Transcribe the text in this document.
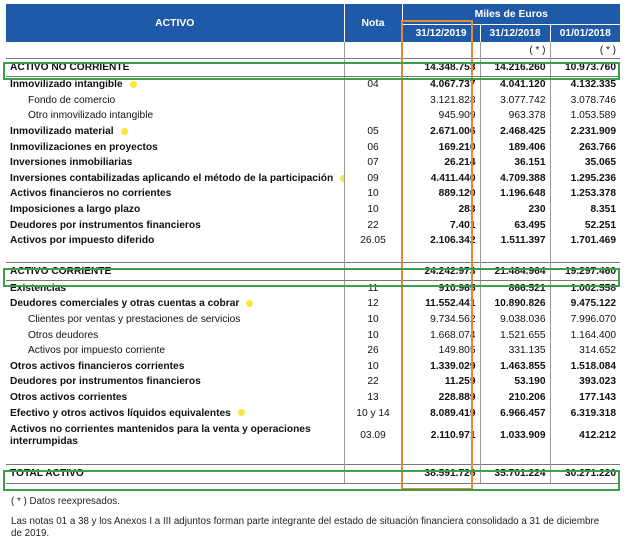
ACTIVO	Nota	Miles de Euros		
		31/12/2019	31/12/2018	01/01/2018
			( * )	( * )
ACTIVO NO CORRIENTE		14.348.753	14.216.260	10.973.760
Inmovilizado intangible	04	4.067.737	4.041.120	4.132.335
Fondo de comercio		3.121.828	3.077.742	3.078.746
Otro inmovilizado intangible		945.909	963.378	1.053.589
Inmovilizado material	05	2.671.006	2.468.425	2.231.909
Inmovilizaciones en proyectos	06	169.210	189.406	263.766
Inversiones inmobiliarias	07	26.214	36.151	35.065
Inversiones contabilizadas aplicando el método de la participación	09	4.411.440	4.709.388	1.295.236
Activos financieros no corrientes	10	889.120	1.196.648	1.253.378
Imposiciones a largo plazo	10	283	230	8.351
Deudores por instrumentos financieros	22	7.401	63.495	52.251
Activos por impuesto diferido	26.05	2.106.342	1.511.397	1.701.469

ACTIVO CORRIENTE		24.242.973	21.484.964	19.297.460
Existencias	11	910.965	866.521	1.002.558
Deudores comerciales y otras cuentas a cobrar	12	11.552.441	10.890.826	9.475.122
Clientes por ventas y prestaciones de servicios	10	9.734.562	9.038.036	7.996.070
Otros deudores	10	1.668.074	1.521.655	1.164.400
Activos por impuesto corriente	26	149.805	331.135	314.652
Otros activos financieros corrientes	10	1.339.029	1.463.855	1.518.084
Deudores por instrumentos financieros	22	11.259	53.190	393.023
Otros activos corrientes	13	228.889	210.206	177.143
Efectivo y otros activos líquidos equivalentes	10 y 14	8.089.419	6.966.457	6.319.318
Activos no corrientes mantenidos para la venta y operaciones interrumpidas	03.09	2.110.971	1.033.909	412.212

TOTAL ACTIVO		38.591.726	35.701.224	30.271.220
( * ) Datos reexpresados.
Las notas 01 a 38 y los Anexos I a III adjuntos forman parte integrante del estado de situación financiera consolidado a 31 de diciembre de 2019.
